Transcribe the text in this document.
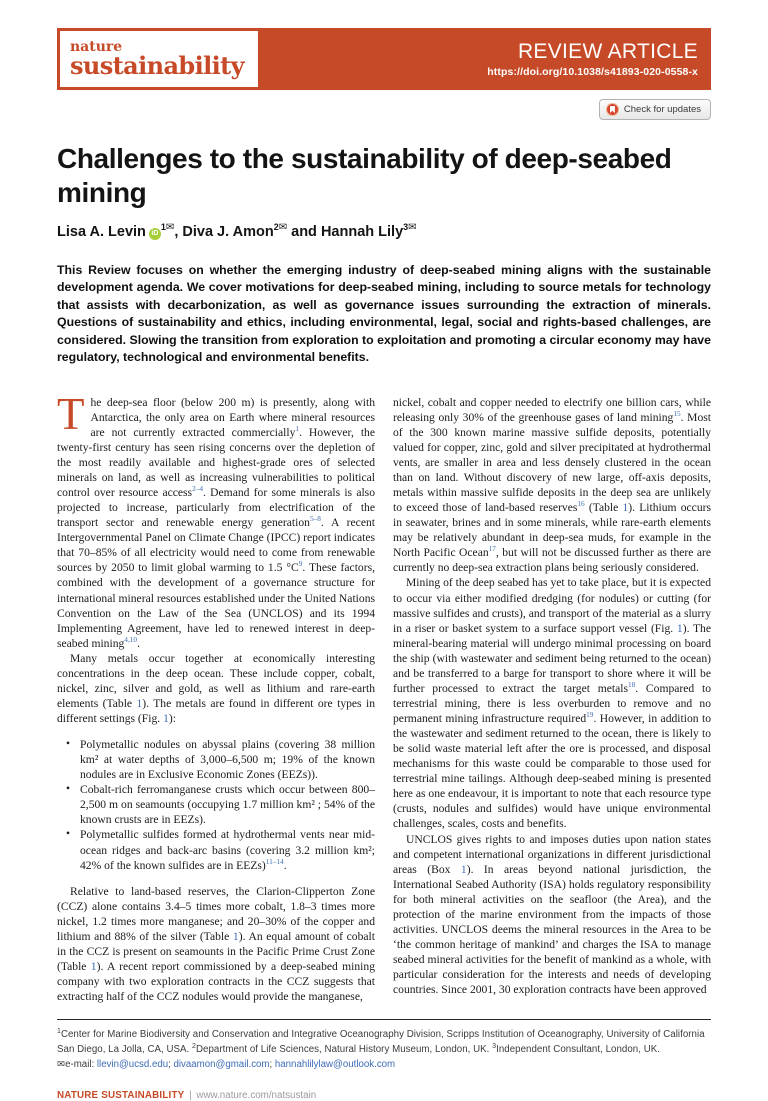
nature
sustainability	REVIEW ARTICLE
https://doi.org/10.1038/s41893-020-0558-x
Check for updates
Challenges to the sustainability of deep-seabed mining
Lisa A. Levin $iD^{1✉}$, Diva J. Amon$^{2✉}$ and Hannah Lily$^{3✉}$

This Review focuses on whether the emerging industry of deep-seabed mining aligns with the sustainable development agenda. We cover motivations for deep-seabed mining, including to source metals for technology that assists with decarbonization, as well as governance issues surrounding the extraction of minerals. Questions of sustainability and ethics, including environmental, legal, social and rights-based challenges, are considered. Slowing the transition from exploration to exploitation and promoting a circular economy may have regulatory, technological and environmental benefits.

The deep-sea floor (below 200 m) is presently, along with Antarctica, the only area on Earth where mineral resources are not currently extracted commercially$^1$. However, the twenty-first century has seen rising concerns over the depletion of the most readily available and highest-grade ores of selected minerals on land, as well as increasing vulnerabilities to political control over resource access$^{2-4}$. Demand for some minerals is also projected to increase, particularly from electrification of the transport sector and renewable energy generation$^{5-8}$. A recent Intergovernmental Panel on Climate Change (IPCC) report indicates that 70–85% of all electricity would need to come from renewable sources by 2050 to limit global warming to 1.5 °C$^9$. These factors, combined with the development of a governance structure for international mineral resources established under the United Nations Convention on the Law of the Sea (UNCLOS) and its 1994 Implementing Agreement, have led to renewed interest in deep-seabed mining$^{4,10}$.

Many metals occur together at economically interesting concentrations in the deep ocean. These include copper, cobalt, nickel, zinc, silver and gold, as well as lithium and rare-earth elements (Table 1). The metals are found in different ore types in different settings (Fig. 1):

• Polymetallic nodules on abyssal plains (covering 38 million km² at water depths of 3,000–6,500 m; 19% of the known nodules are in Exclusive Economic Zones (EEZs)).
• Cobalt-rich ferromanganese crusts which occur between 800–2,500 m on seamounts (occupying 1.7 million km² ; 54% of the known crusts are in EEZs).
• Polymetallic sulfides formed at hydrothermal vents near mid-ocean ridges and back-arc basins (covering 3.2 million km²; 42% of the known sulfides are in EEZs)$^{11-14}$.

Relative to land-based reserves, the Clarion-Clipperton Zone (CCZ) alone contains 3.4–5 times more cobalt, 1.8–3 times more nickel, 1.2 times more manganese; and 20–30% of the copper and lithium and 88% of the silver (Table 1). An equal amount of cobalt in the CCZ is present on seamounts in the Pacific Prime Crust Zone (Table 1). A recent report commissioned by a deep-seabed mining company with two exploration contracts in the CCZ suggests that extracting half of the CCZ nodules would provide the manganese,

nickel, cobalt and copper needed to electrify one billion cars, while releasing only 30% of the greenhouse gases of land mining$^{15}$. Most of the 300 known marine massive sulfide deposits, potentially valued for copper, zinc, gold and silver precipitated at hydrothermal vents, are smaller in area and less densely clustered in the ocean than on land. Without discovery of new large, off-axis deposits, metals within massive sulfide deposits in the deep sea are unlikely to exceed those of land-based reserves$^{16}$ (Table 1). Lithium occurs in seawater, brines and in some minerals, while rare-earth elements may be relatively abundant in deep-sea muds, for example in the North Pacific Ocean$^{17}$, but will not be discussed further as there are currently no deep-sea extraction plans being seriously considered.

Mining of the deep seabed has yet to take place, but it is expected to occur via either modified dredging (for nodules) or cutting (for massive sulfides and crusts), and transport of the material as a slurry in a riser or basket system to a surface support vessel (Fig. 1). The mineral-bearing material will undergo minimal processing on board the ship (with wastewater and sediment being returned to the ocean) and be transferred to a barge for transport to shore where it will be further processed to extract the target metals$^{18}$. Compared to terrestrial mining, there is less overburden to remove and no permanent mining infrastructure required$^{19}$. However, in addition to the wastewater and sediment returned to the ocean, there is likely to be solid waste material left after the ore is processed, and disposal mechanisms for this waste could be comparable to those used for terrestrial mine tailings. Although deep-seabed mining is presented here as one endeavour, it is important to note that each resource type (crusts, nodules and sulfides) would have unique environmental challenges, scales, costs and benefits.

UNCLOS gives rights to and imposes duties upon nation states and competent international organizations in different jurisdictional areas (Box 1). In areas beyond national jurisdiction, the International Seabed Authority (ISA) holds regulatory responsibility for both mineral activities on the seafloor (the Area), and the protection of the marine environment from the impacts of those activities. UNCLOS deems the mineral resources in the Area to be ‘the common heritage of mankind’ and charges the ISA to manage seabed mineral activities for the benefit of mankind as a whole, with particular consideration for the interests and needs of developing countries. Since 2001, 30 exploration contracts have been approved

$^1$Center for Marine Biodiversity and Conservation and Integrative Oceanography Division, Scripps Institution of Oceanography, University of California San Diego, La Jolla, CA, USA. $^2$Department of Life Sciences, Natural History Museum, London, UK. $^3$Independent Consultant, London, UK.
✉e-mail: llevin@ucsd.edu; divaamon@gmail.com; hannahlilylaw@outlook.com
NATURE SUSTAINABILITY | www.nature.com/natsustain
